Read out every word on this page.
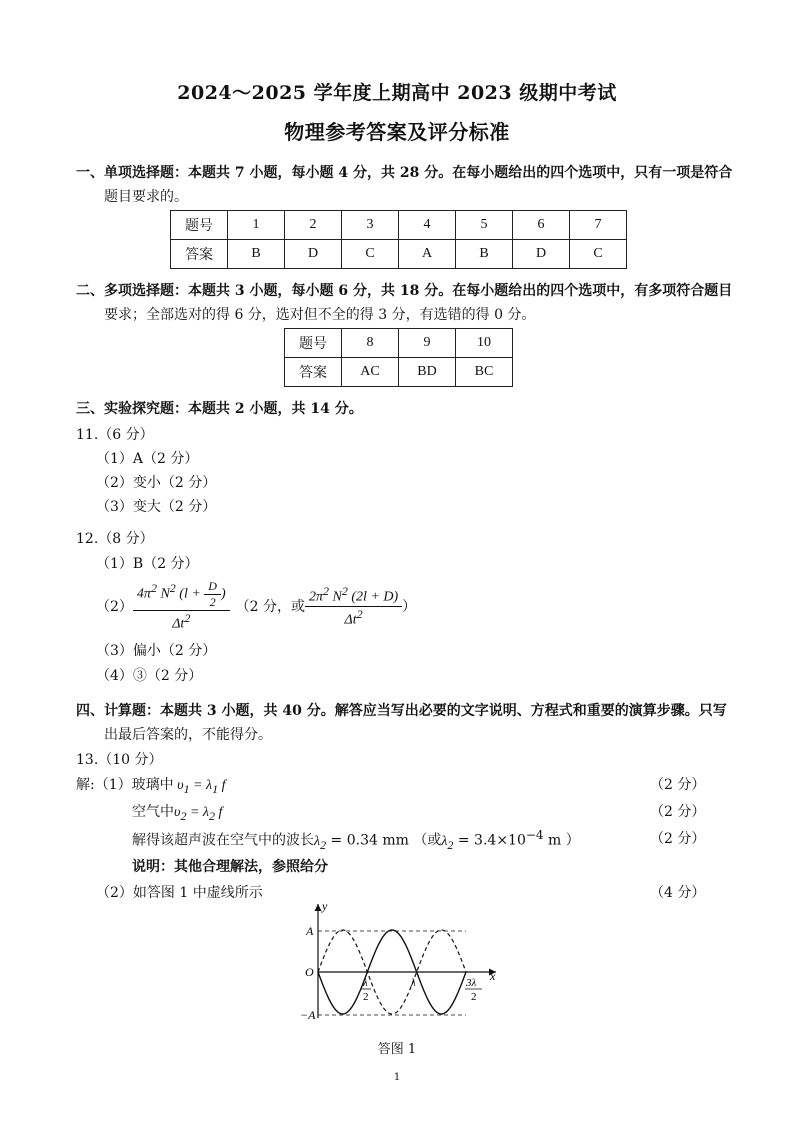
2024～2025 学年度上期高中 2023 级期中考试
物理参考答案及评分标准
一、单项选择题：本题共 7 小题，每小题 4 分，共 28 分。在每小题给出的四个选项中，只有一项是符合
题目要求的。
题号	1	2	3	4	5	6	7
答案	B	D	C	A	B	D	C
二、多项选择题：本题共 3 小题，每小题 6 分，共 18 分。在每小题给出的四个选项中，有多项符合题目
要求；全部选对的得 6 分，选对但不全的得 3 分，有选错的得 0 分。
题号	8	9	10
答案	AC	BD	BC
三、实验探究题：本题共 2 小题，共 14 分。
11.（6 分）
（1）A（2 分）
（2）变小（2 分）
（3）变大（2 分）
12.（8 分）
（1）B（2 分）
$(2) \frac{4\pi^2 N^2 (l + \frac{D}{2} )}{\Delta t^2} (2$ 分，或 $\frac{2\pi^2 N^2 (2l + D)}{\Delta t^2}$ ）
（3）偏小（2 分）
（4）③（2 分）
四、计算题：本题共 3 小题，共 40 分。解答应当写出必要的文字说明、方程式和重要的演算步骤。只写
出最后答案的，不能得分。
13.（10 分）
解:（1）玻璃中 $\upsilon_1 = \lambda_1$ f	（2 分）
空气中$\upsilon_2 = \lambda_2$ f	（2 分）
解得该超声波在空气中的波长$\lambda_2 = 0.34$ mm （或$\lambda_2 = 3.4\times 10^{-4}$ m ）	（2 分）
说明：其他合理解法，参照给分
（2）如答图 1 中虚线所示	（4 分）
y
A
−A
O	x
λ
2
λ	3λ
2
答图 1
1
